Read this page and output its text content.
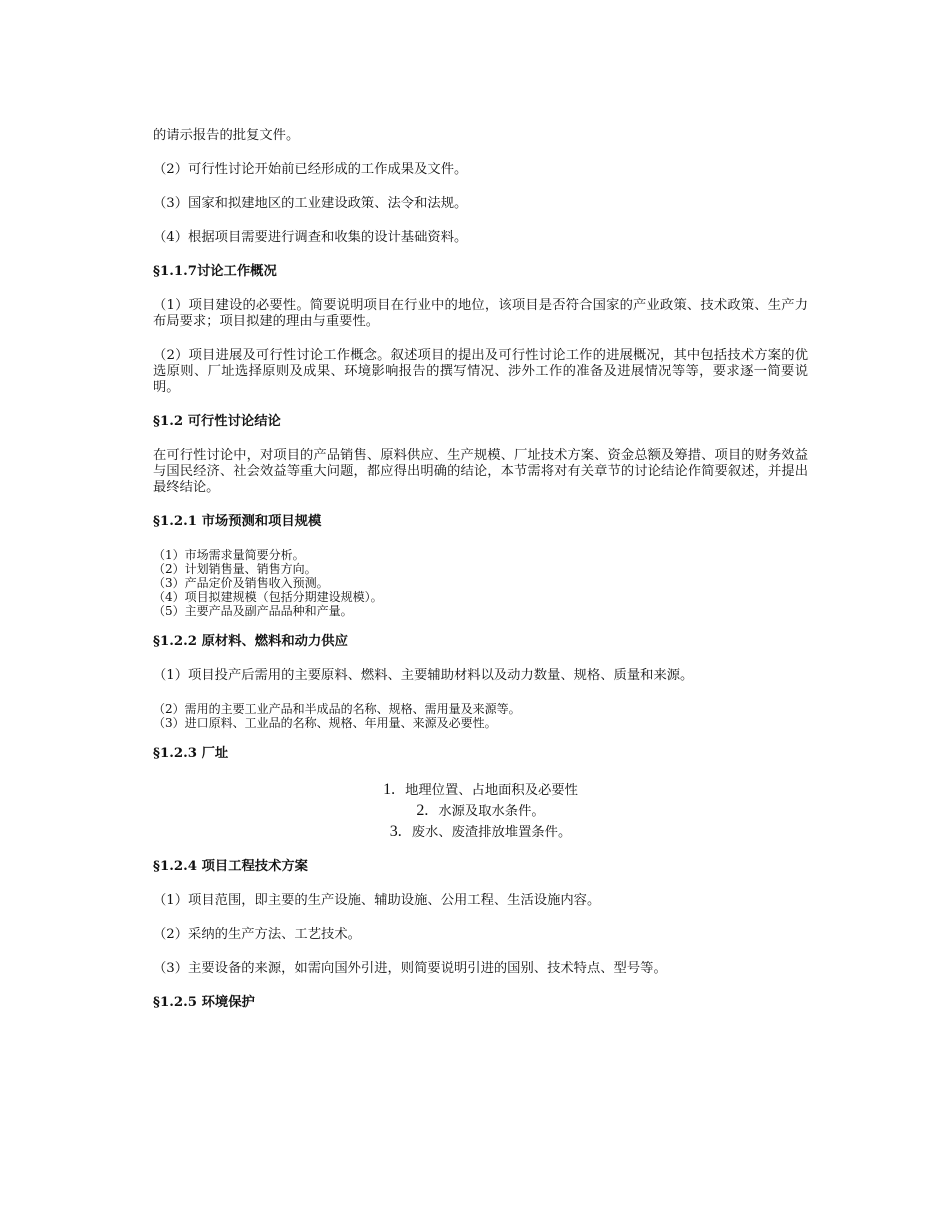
的请示报告的批复文件。

（2）可行性讨论开始前已经形成的工作成果及文件。

（3）国家和拟建地区的工业建设政策、法令和法规。

（4）根据项目需要进行调查和收集的设计基础资料。

§1.1.7讨论工作概况

（1）项目建设的必要性。简要说明项目在行业中的地位，该项目是否符合国家的产业政策、技术政策、生产力布局要求；项目拟建的理由与重要性。

（2）项目进展及可行性讨论工作概念。叙述项目的提出及可行性讨论工作的进展概况，其中包括技术方案的优选原则、厂址选择原则及成果、环境影响报告的撰写情况、涉外工作的准备及进展情况等等，要求逐一简要说明。

§1.2 可行性讨论结论

在可行性讨论中，对项目的产品销售、原料供应、生产规模、厂址技术方案、资金总额及筹措、项目的财务效益与国民经济、社会效益等重大问题，都应得出明确的结论，本节需将对有关章节的讨论结论作简要叙述，并提出最终结论。

§1.2.1 市场预测和项目规模

（1）市场需求量简要分析。

（2）计划销售量、销售方向。

（3）产品定价及销售收入预测。

（4）项目拟建规模（包括分期建设规模）。

（5）主要产品及副产品品种和产量。

§1.2.2 原材料、燃料和动力供应

（1）项目投产后需用的主要原料、燃料、主要辅助材料以及动力数量、规格、质量和来源。

（2）需用的主要工业产品和半成品的名称、规格、需用量及来源等。

（3）进口原料、工业品的名称、规格、年用量、来源及必要性。

§1.2.3 厂址

1. 地理位置、占地面积及必要性
2. 水源及取水条件。
3. 废水、废渣排放堆置条件。

§1.2.4 项目工程技术方案

（1）项目范围，即主要的生产设施、辅助设施、公用工程、生活设施内容。

（2）采纳的生产方法、工艺技术。

（3）主要设备的来源，如需向国外引进，则简要说明引进的国别、技术特点、型号等。

§1.2.5 环境保护
